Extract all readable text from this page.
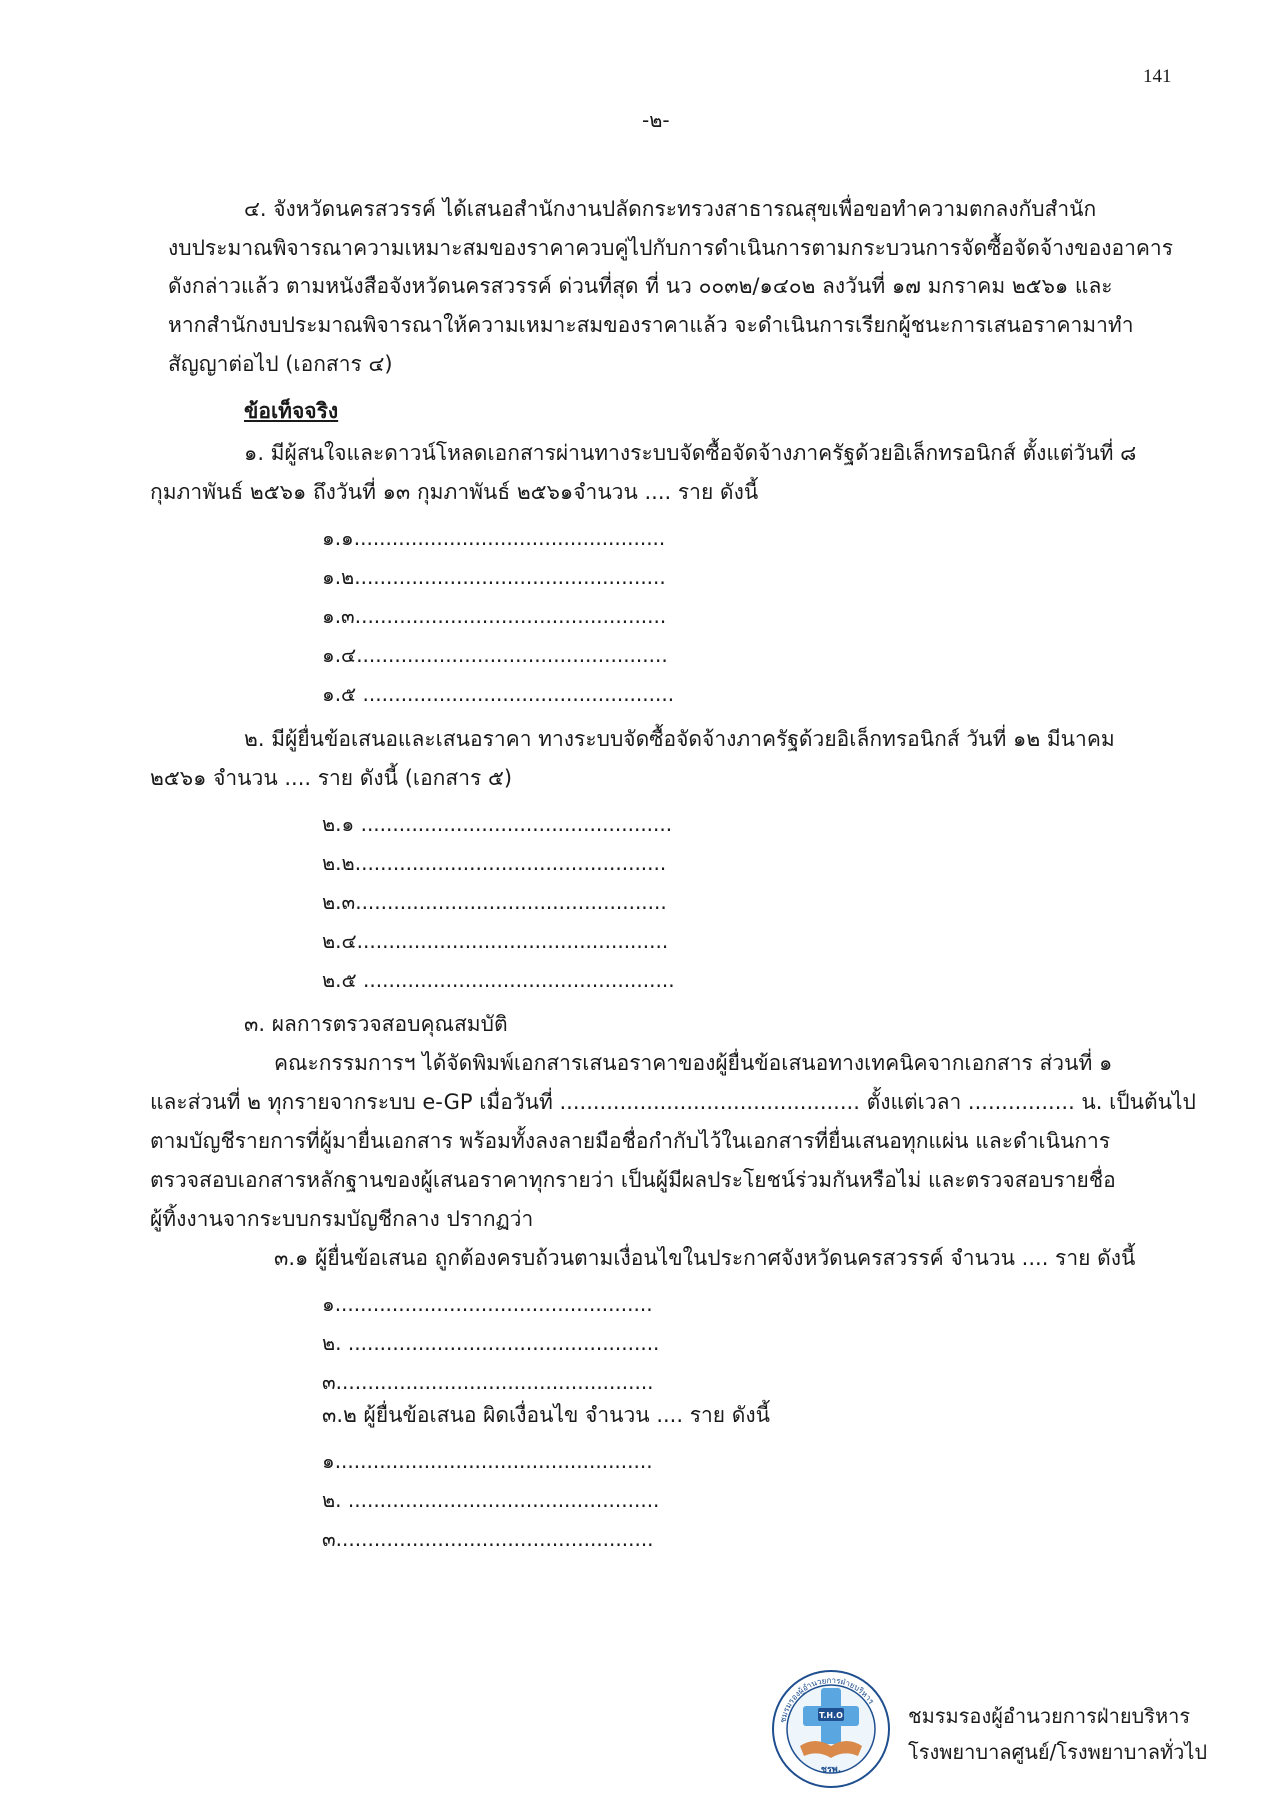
141
-๒-
๔. จังหวัดนครสวรรค์ ได้เสนอสำนักงานปลัดกระทรวงสาธารณสุขเพื่อขอทำความตกลงกับสำนัก
งบประมาณพิจารณาความเหมาะสมของราคาควบคู่ไปกับการดำเนินการตามกระบวนการจัดซื้อจัดจ้างของอาคาร
ดังกล่าวแล้ว ตามหนังสือจังหวัดนครสวรรค์ ด่วนที่สุด ที่ นว ๐๐๓๒/๑๔๐๒ ลงวันที่ ๑๗ มกราคม ๒๕๖๑ และ
หากสำนักงบประมาณพิจารณาให้ความเหมาะสมของราคาแล้ว จะดำเนินการเรียกผู้ชนะการเสนอราคามาทำ
สัญญาต่อไป (เอกสาร ๔)
ข้อเท็จจริง
๑. มีผู้สนใจและดาวน์โหลดเอกสารผ่านทางระบบจัดซื้อจัดจ้างภาครัฐด้วยอิเล็กทรอนิกส์ ตั้งแต่วันที่ ๘
กุมภาพันธ์ ๒๕๖๑ ถึงวันที่ ๑๓ กุมภาพันธ์ ๒๕๖๑จำนวน .... ราย ดังนี้
๑.๑.................................................
๑.๒.................................................
๑.๓.................................................
๑.๔.................................................
๑.๕ .................................................
๒. มีผู้ยื่นข้อเสนอและเสนอราคา ทางระบบจัดซื้อจัดจ้างภาครัฐด้วยอิเล็กทรอนิกส์ วันที่ ๑๒ มีนาคม
๒๕๖๑ จำนวน .... ราย ดังนี้ (เอกสาร ๕)
๒.๑ .................................................
๒.๒.................................................
๒.๓.................................................
๒.๔.................................................
๒.๕ .................................................
๓. ผลการตรวจสอบคุณสมบัติ
คณะกรรมการฯ ได้จัดพิมพ์เอกสารเสนอราคาของผู้ยื่นข้อเสนอทางเทคนิคจากเอกสาร ส่วนที่ ๑
และส่วนที่ ๒ ทุกรายจากระบบ e-GP เมื่อวันที่ ............................................. ตั้งแต่เวลา ................ น. เป็นต้นไป
ตามบัญชีรายการที่ผู้มายื่นเอกสาร พร้อมทั้งลงลายมือชื่อกำกับไว้ในเอกสารที่ยื่นเสนอทุกแผ่น และดำเนินการ
ตรวจสอบเอกสารหลักฐานของผู้เสนอราคาทุกรายว่า เป็นผู้มีผลประโยชน์ร่วมกันหรือไม่ และตรวจสอบรายชื่อ
ผู้ทิ้งงานจากระบบกรมบัญชีกลาง ปรากฏว่า
๓.๑ ผู้ยื่นข้อเสนอ ถูกต้องครบถ้วนตามเงื่อนไขในประกาศจังหวัดนครสวรรค์ จำนวน .... ราย ดังนี้
๑..................................................
๒. .................................................
๓..................................................
๓.๒ ผู้ยื่นข้อเสนอ ผิดเงื่อนไข จำนวน .... ราย ดังนี้
๑..................................................
๒. .................................................
๓..................................................
ชมรมรองผู้อำนวยการฝ่ายบริหาร
T.H.O
ชรพ.
ชมรมรองผู้อำนวยการฝ่ายบริหาร
โรงพยาบาลศูนย์/โรงพยาบาลทั่วไป
